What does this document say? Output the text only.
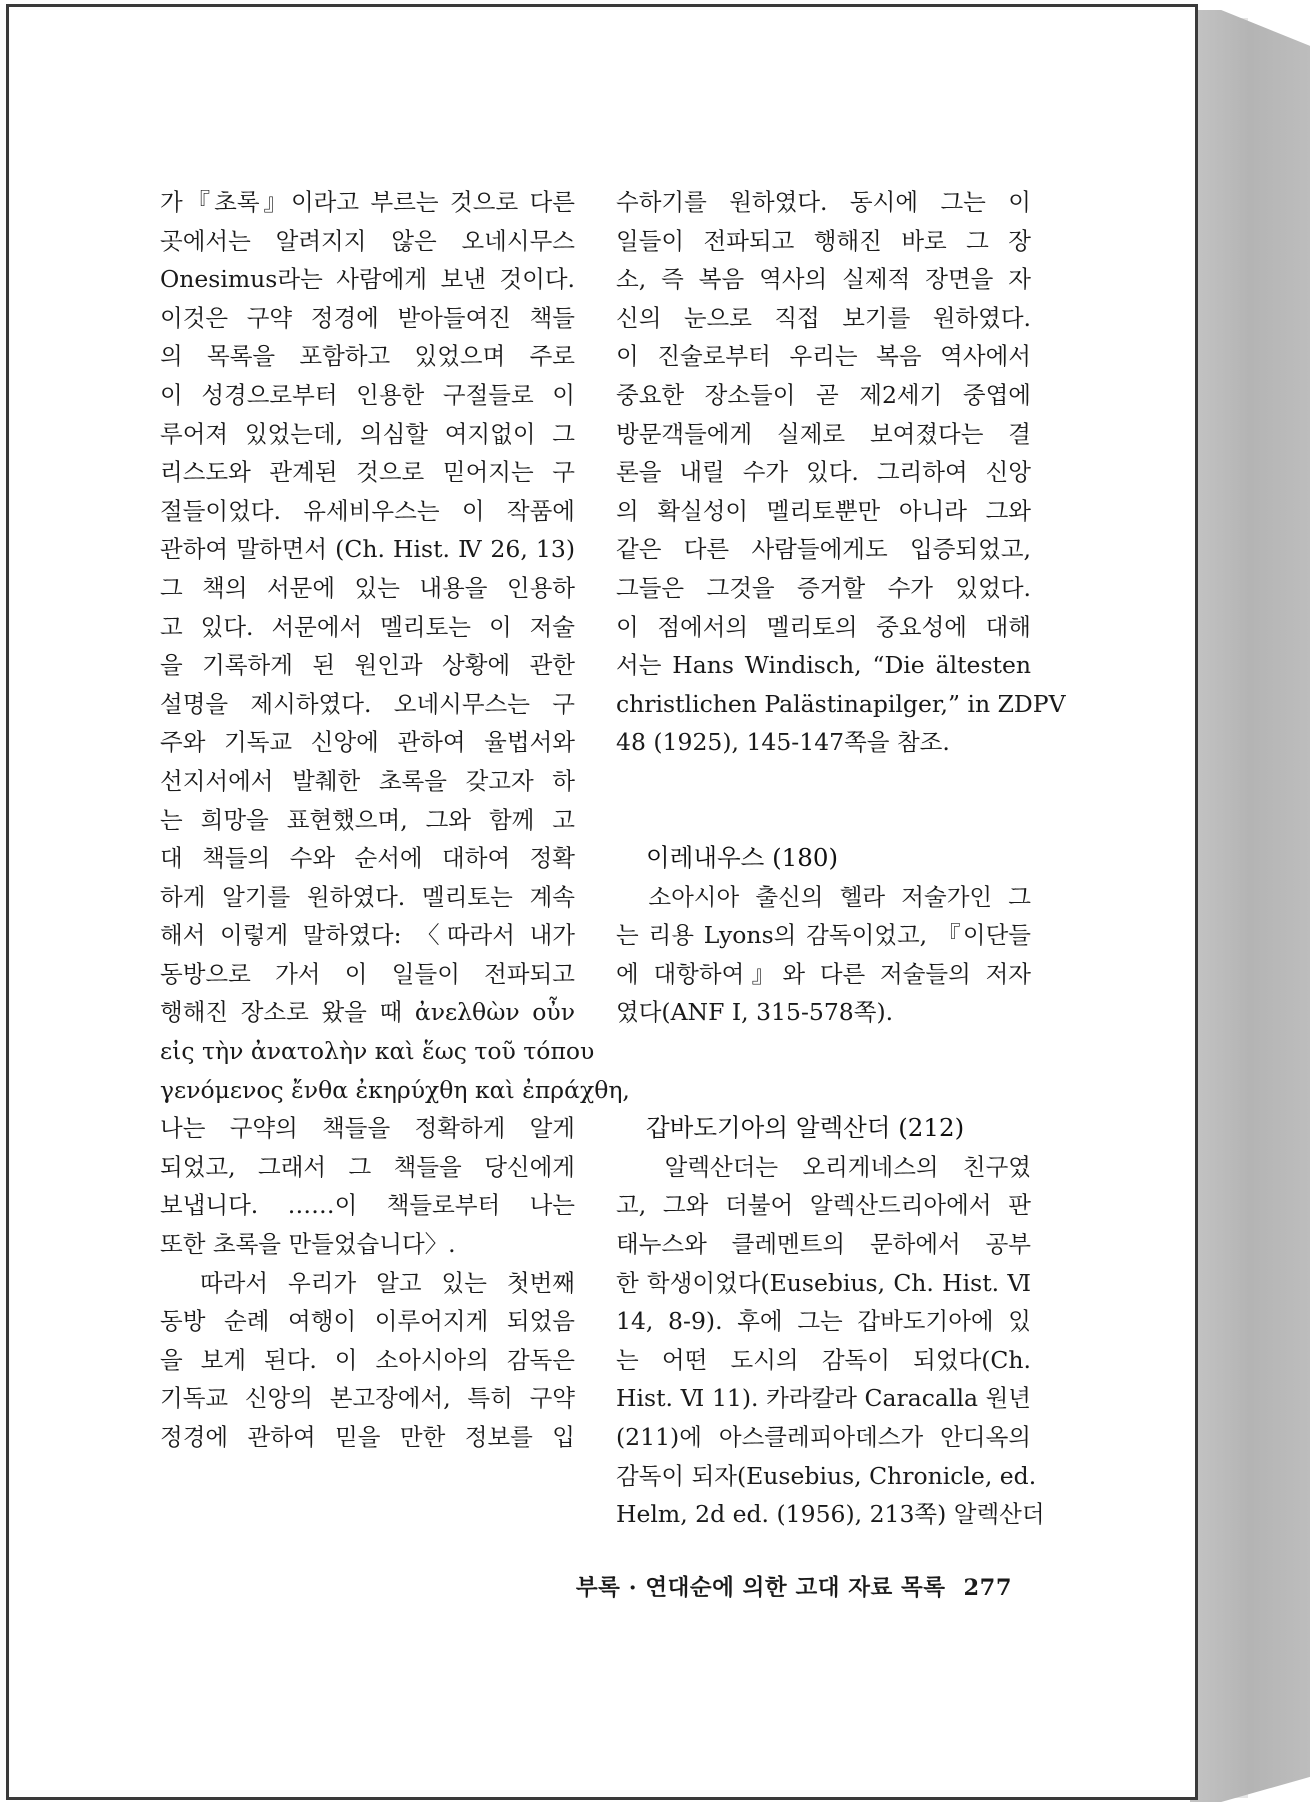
가『초록』이라고 부르는 것으로 다른
곳에서는 알려지지 않은 오네시무스
Onesimus라는 사람에게 보낸 것이다.
이것은 구약 정경에 받아들여진 책들
의 목록을 포함하고 있었으며 주로
이 성경으로부터 인용한 구절들로 이
루어져 있었는데, 의심할 여지없이 그
리스도와 관계된 것으로 믿어지는 구
절들이었다. 유세비우스는 이 작품에
관하여 말하면서 (Ch. Hist. Ⅳ 26, 13)
그 책의 서문에 있는 내용을 인용하
고 있다. 서문에서 멜리토는 이 저술
을 기록하게 된 원인과 상황에 관한
설명을 제시하였다. 오네시무스는 구
주와 기독교 신앙에 관하여 율법서와
선지서에서 발췌한 초록을 갖고자 하
는 희망을 표현했으며, 그와 함께 고
대 책들의 수와 순서에 대하여 정확
하게 알기를 원하였다. 멜리토는 계속
해서 이렇게 말하였다: 〈따라서 내가
동방으로 가서 이 일들이 전파되고
행해진 장소로 왔을 때 ἀνελθὼν οὖν
εἰς τὴν ἀνατολὴν καὶ ἕως τοῦ τόπου
γενόμενος ἔνθα ἐκηρύχθη καὶ ἐπράχθη,
나는 구약의 책들을 정확하게 알게
되었고, 그래서 그 책들을 당신에게
보냅니다. ……이 책들로부터 나는
또한 초록을 만들었습니다〉.
따라서 우리가 알고 있는 첫번째
동방 순례 여행이 이루어지게 되었음
을 보게 된다. 이 소아시아의 감독은
기독교 신앙의 본고장에서, 특히 구약
정경에 관하여 믿을 만한 정보를 입
수하기를 원하였다. 동시에 그는 이
일들이 전파되고 행해진 바로 그 장
소, 즉 복음 역사의 실제적 장면을 자
신의 눈으로 직접 보기를 원하였다.
이 진술로부터 우리는 복음 역사에서
중요한 장소들이 곧 제2세기 중엽에
방문객들에게 실제로 보여졌다는 결
론을 내릴 수가 있다. 그리하여 신앙
의 확실성이 멜리토뿐만 아니라 그와
같은 다른 사람들에게도 입증되었고,
그들은 그것을 증거할 수가 있었다.
이 점에서의 멜리토의 중요성에 대해
서는 Hans Windisch, “Die ältesten
christlichen Palästinapilger,” in ZDPV
48 (1925), 145-147쪽을 참조.
이레내우스 (180)
소아시아 출신의 헬라 저술가인 그
는 리용 Lyons의 감독이었고, 『이단들
에 대항하여』와 다른 저술들의 저자
였다(ANF Ⅰ, 315-578쪽).
갑바도기아의 알렉산더 (212)
알렉산더는 오리게네스의 친구였
고, 그와 더불어 알렉산드리아에서 판
태누스와 클레멘트의 문하에서 공부
한 학생이었다(Eusebius, Ch. Hist. Ⅵ
14, 8-9). 후에 그는 갑바도기아에 있
는 어떤 도시의 감독이 되었다(Ch.
Hist. Ⅵ 11). 카라칼라 Caracalla 원년
(211)에 아스클레피아데스가 안디옥의
감독이 되자(Eusebius, Chronicle, ed.
Helm, 2d ed. (1956), 213쪽) 알렉산더
부록 · 연대순에 의한 고대 자료 목록 277
